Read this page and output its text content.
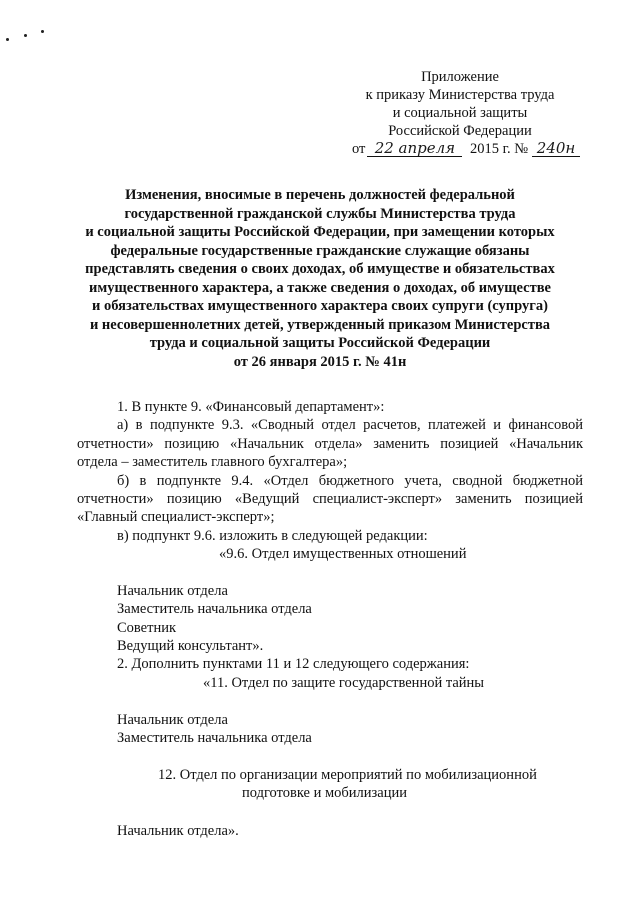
Приложение
к приказу Министерства труда
и социальной защиты
Российской Федерации
от 22 апреля 2015 г. № 240н
Изменения, вносимые в перечень должностей федеральной
государственной гражданской службы Министерства труда
и социальной защиты Российской Федерации, при замещении которых
федеральные государственные гражданские служащие обязаны
представлять сведения о своих доходах, об имуществе и обязательствах
имущественного характера, а также сведения о доходах, об имуществе
и обязательствах имущественного характера своих супруги (супруга)
и несовершеннолетних детей, утвержденный приказом Министерства
труда и социальной защиты Российской Федерации
от 26 января 2015 г. № 41н
1. В пункте 9. «Финансовый департамент»:
а) в подпункте 9.3. «Сводный отдел расчетов, платежей и финансовой
отчетности» позицию «Начальник отдела» заменить позицией «Начальник
отдела – заместитель главного бухгалтера»;
б) в подпункте 9.4. «Отдел бюджетного учета, сводной бюджетной
отчетности» позицию «Ведущий специалист-эксперт» заменить позицией
«Главный специалист-эксперт»;
в) подпункт 9.6. изложить в следующей редакции:
«9.6. Отдел имущественных отношений
Начальник отдела
Заместитель начальника отдела
Советник
Ведущий консультант».
2. Дополнить пунктами 11 и 12 следующего содержания:
«11. Отдел по защите государственной тайны
Начальник отдела
Заместитель начальника отдела
12. Отдел по организации мероприятий по мобилизационной
подготовке и мобилизации
Начальник отдела».
